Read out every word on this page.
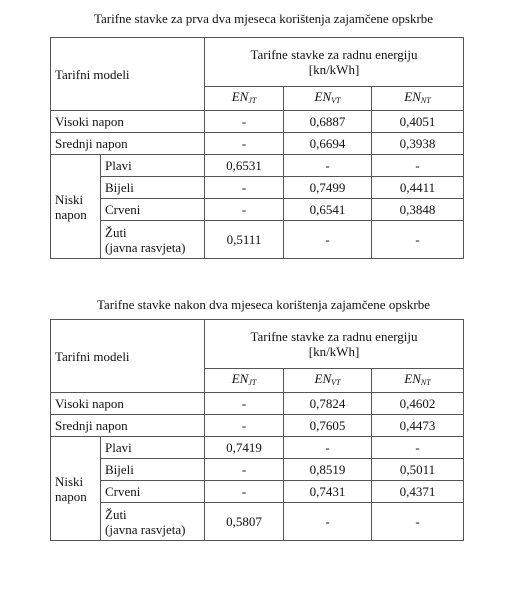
Tarifne stavke za prva dva mjeseca korištenja zajamčene opskrbe
Tarifni modeli		Tarifne stavke za radnu energiju
[kn/kWh]		
		$EN_{JT}$	$EN_{VT}$	$EN_{NT}$
Visoki napon		-	0,6887	0,4051
Srednji napon		-	0,6694	0,3938
Niski
napon	Plavi	0,6531	-	-
	Bijeli	-	0,7499	0,4411
	Crveni	-	0,6541	0,3848
	Žuti
(javna rasvjeta)	0,5111	-	-
Tarifne stavke nakon dva mjeseca korištenja zajamčene opskrbe
Tarifni modeli		Tarifne stavke za radnu energiju
[kn/kWh]		
		$EN_{JT}$	$EN_{VT}$	$EN_{NT}$
Visoki napon		-	0,7824	0,4602
Srednji napon		-	0,7605	0,4473
Niski
napon	Plavi	0,7419	-	-
	Bijeli	-	0,8519	0,5011
	Crveni	-	0,7431	0,4371
	Žuti
(javna rasvjeta)	0,5807	-	-
